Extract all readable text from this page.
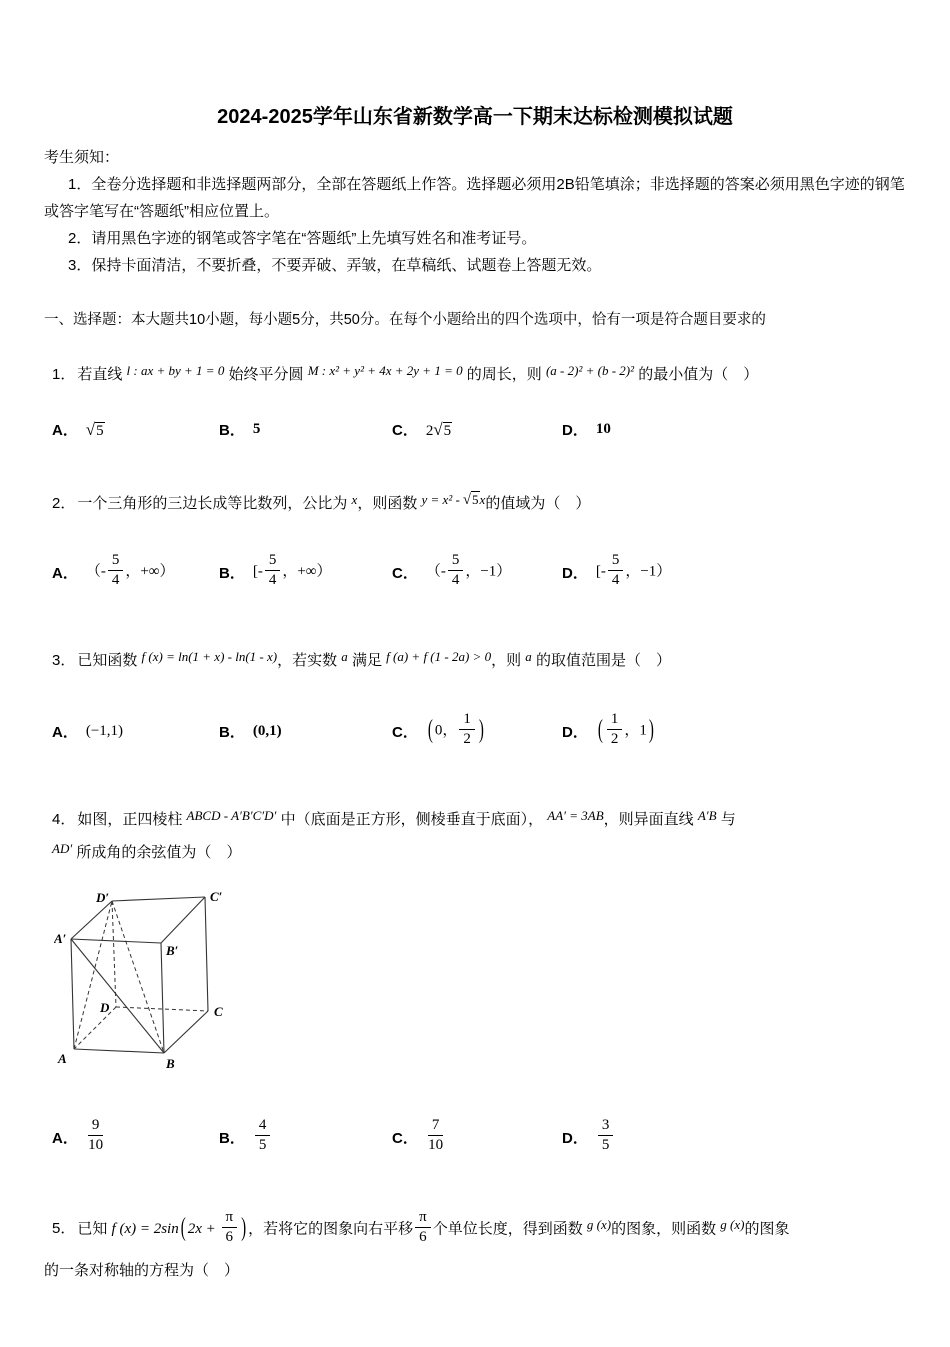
2024-2025学年山东省新数学高一下期末达标检测模拟试题

考生须知：

1．全卷分选择题和非选择题两部分，全部在答题纸上作答。选择题必须用2B铅笔填涂；非选择题的答案必须用黑色字迹的钢笔或答字笔写在“答题纸”相应位置上。

2．请用黑色字迹的钢笔或答字笔在“答题纸”上先填写姓名和准考证号。

3．保持卡面清洁，不要折叠，不要弄破、弄皱，在草稿纸、试题卷上答题无效。

一、选择题：本大题共10小题，每小题5分，共50分。在每个小题给出的四个选项中，恰有一项是符合题目要求的

1． 若直线 l : ax + by + 1 = 0 始终平分圆 M : x² + y² + 4x + 2y + 1 = 0 的周长，则 (a - 2)² + (b - 2)² 的最小值为（　）

A． √5	B． 5	C． 2√5	D． 10

2． 一个三角形的三边长成等比数列，公比为 x，则函数 y = x² - √5x的值域为（　）

A． （- $\frac{5}{4}$ ，+∞）	B． [- $\frac{5}{4}$ ，+∞）	C． （- $\frac{5}{4}$ ，−1）	D． [- $\frac{5}{4}$ ，−1）

3． 已知函数 f (x) = ln(1 + x) - ln(1 - x)，若实数 a 满足 f (a) + f (1 - 2a) > 0，则 a 的取值范围是（　）

A． (−1,1)	B． (0,1)	C． ( 0， $\frac{1}{2}$ )	D． ( $\frac{1}{2}$ ，1 )

4． 如图，正四棱柱 ABCD - A′B′C′D′ 中（底面是正方形，侧棱垂直于底面）， AA′ = 3AB，则异面直线 A′B 与
AD′ 所成角的余弦值为（　）

D′	C′
A′
B′
D	C
A	B
A． $\frac{9}{10}$	B． $\frac{4}{5}$	C． $\frac{7}{10}$	D． $\frac{3}{5}$

5． 已知 f (x) = 2sin ( $2x + \frac{\pi}{6}$ ) ，若将它的图象向右平移 $\frac{\pi}{6}$ 个单位长度，得到函数 g (x)的图象，则函数 g (x)的图象

的一条对称轴的方程为（　）
